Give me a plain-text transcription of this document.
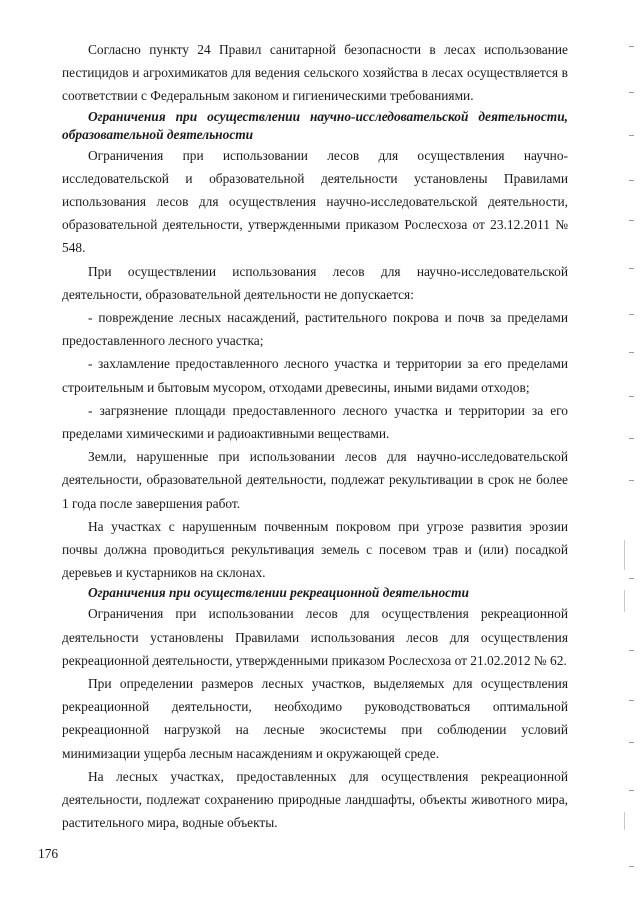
Согласно пункту 24 Правил санитарной безопасности в лесах использование пестицидов и агрохимикатов для ведения сельского хозяйства в лесах осуществляется в соответствии с Федеральным законом и гигиеническими требованиями.

Ограничения при осуществлении научно-исследовательской деятельности, образовательной деятельности

Ограничения при использовании лесов для осуществления научно-исследовательской и образовательной деятельности установлены Правилами использования лесов для осуществления научно-исследовательской деятельности, образовательной деятельности, утвержденными приказом Рослесхоза от 23.12.2011 № 548.

При осуществлении использования лесов для научно-исследовательской деятельности, образовательной деятельности не допускается:

- повреждение лесных насаждений, растительного покрова и почв за пределами предоставленного лесного участка;

- захламление предоставленного лесного участка и территории за его пределами строительным и бытовым мусором, отходами древесины, иными видами отходов;

- загрязнение площади предоставленного лесного участка и территории за его пределами химическими и радиоактивными веществами.

Земли, нарушенные при использовании лесов для научно-исследовательской деятельности, образовательной деятельности, подлежат рекультивации в срок не более 1 года после завершения работ.

На участках с нарушенным почвенным покровом при угрозе развития эрозии почвы должна проводиться рекультивация земель с посевом трав и (или) посадкой деревьев и кустарников на склонах.

Ограничения при осуществлении рекреационной деятельности

Ограничения при использовании лесов для осуществления рекреационной деятельности установлены Правилами использования лесов для осуществления рекреационной деятельности, утвержденными приказом Рослесхоза от 21.02.2012 № 62.

При определении размеров лесных участков, выделяемых для осуществления рекреационной деятельности, необходимо руководствоваться оптимальной рекреационной нагрузкой на лесные экосистемы при соблюдении условий минимизации ущерба лесным насаждениям и окружающей среде.

На лесных участках, предоставленных для осуществления рекреационной деятельности, подлежат сохранению природные ландшафты, объекты животного мира, растительного мира, водные объекты.

176
